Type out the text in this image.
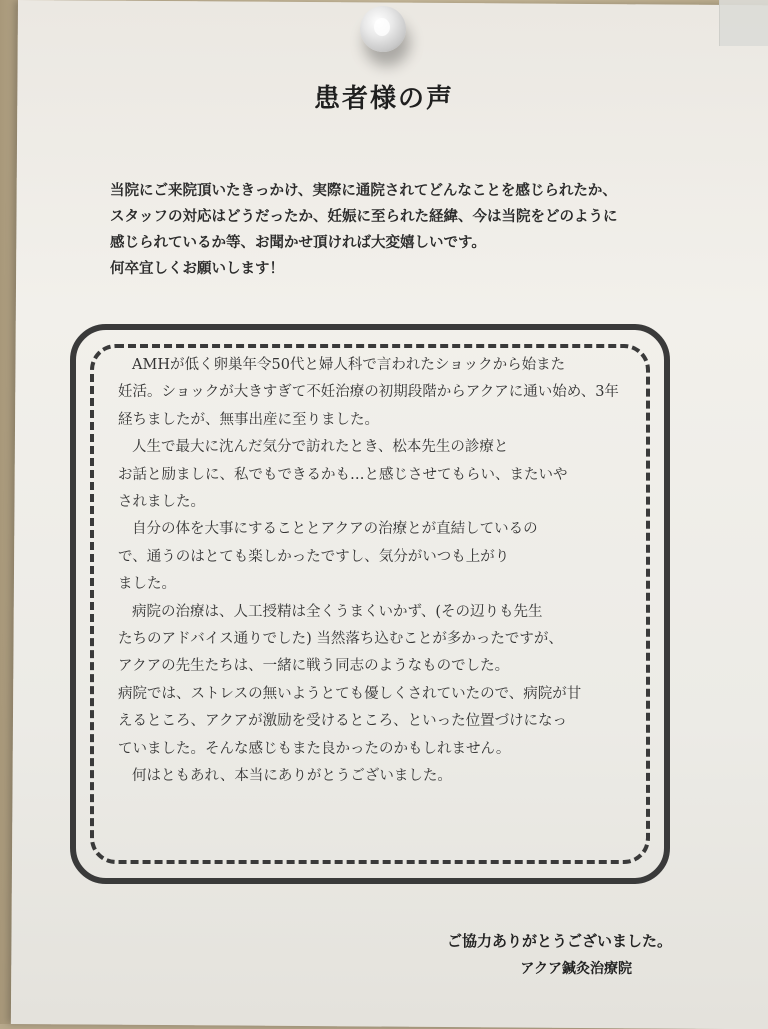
患者様の声
当院にご来院頂いたきっかけ、実際に通院されてどんなことを感じられたか、
スタッフの対応はどうだったか、妊娠に至られた経緯、今は当院をどのように
感じられているか等、お聞かせ頂ければ大変嬉しいです。
何卒宜しくお願いします！
AMHが低く卵巣年令50代と婦人科で言われたショックから始また
妊活。ショックが大きすぎて不妊治療の初期段階からアクアに通い始め、3年
経ちましたが、無事出産に至りました。
人生で最大に沈んだ気分で訪れたとき、松本先生の診療と
お話と励ましに、私でもできるかも…と感じさせてもらい、またいや
されました。
自分の体を大事にすることとアクアの治療とが直結しているの
で、通うのはとても楽しかったですし、気分がいつも上がり
ました。
病院の治療は、人工授精は全くうまくいかず、(その辺りも先生
たちのアドバイス通りでした) 当然落ち込むことが多かったですが、
アクアの先生たちは、一緒に戦う同志のようなものでした。
病院では、ストレスの無いようとても優しくされていたので、病院が甘
えるところ、アクアが激励を受けるところ、といった位置づけになっ
ていました。そんな感じもまた良かったのかもしれません。
何はともあれ、本当にありがとうございました。
ご協力ありがとうございました。
アクア鍼灸治療院
